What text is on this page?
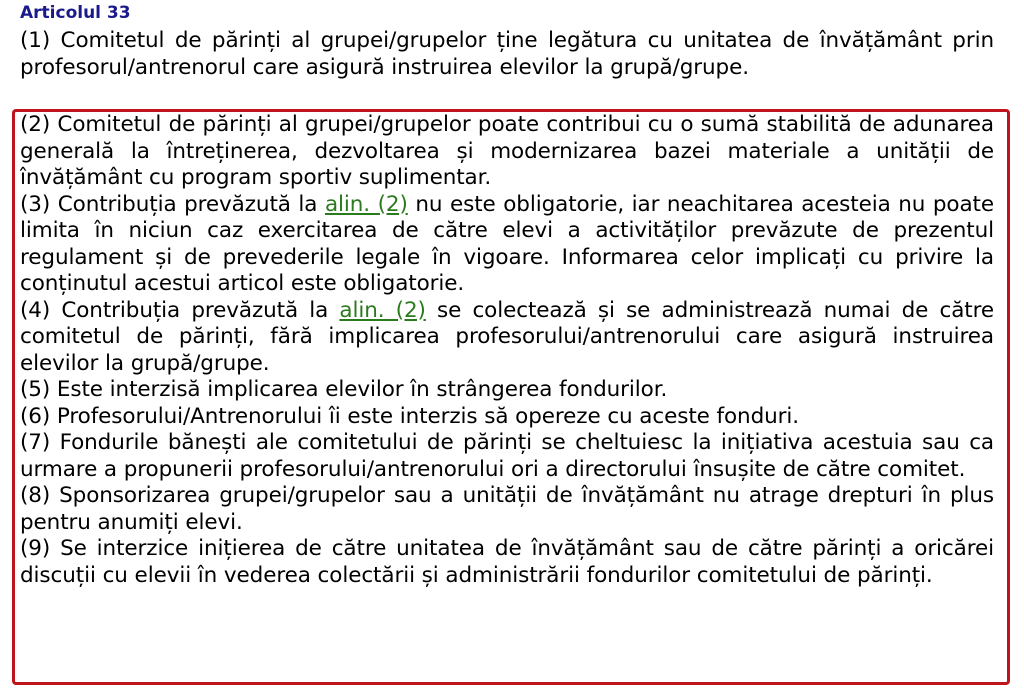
Articolul 33
(1) Comitetul de părinți al grupei/grupelor ține legătura cu unitatea de învățământ prin profesorul/antrenorul care asigură instruirea elevilor la grupă/grupe.
(2) Comitetul de părinți al grupei/grupelor poate contribui cu o sumă stabilită de adunarea generală la întreținerea, dezvoltarea și modernizarea bazei materiale a unității de învățământ cu program sportiv suplimentar.
(3) Contribuția prevăzută la alin. (2) nu este obligatorie, iar neachitarea acesteia nu poate limita în niciun caz exercitarea de către elevi a activităților prevăzute de prezentul regulament și de prevederile legale în vigoare. Informarea celor implicați cu privire la conținutul acestui articol este obligatorie.
(4) Contribuția prevăzută la alin. (2) se colectează și se administrează numai de către comitetul de părinți, fără implicarea profesorului/antrenorului care asigură instruirea elevilor la grupă/grupe.
(5) Este interzisă implicarea elevilor în strângerea fondurilor.
(6) Profesorului/Antrenorului îi este interzis să opereze cu aceste fonduri.
(7) Fondurile bănești ale comitetului de părinți se cheltuiesc la inițiativa acestuia sau ca urmare a propunerii profesorului/antrenorului ori a directorului însușite de către comitet.
(8) Sponsorizarea grupei/grupelor sau a unității de învățământ nu atrage drepturi în plus pentru anumiți elevi.
(9) Se interzice inițierea de către unitatea de învățământ sau de către părinți a oricărei discuții cu elevii în vederea colectării și administrării fondurilor comitetului de părinți.
